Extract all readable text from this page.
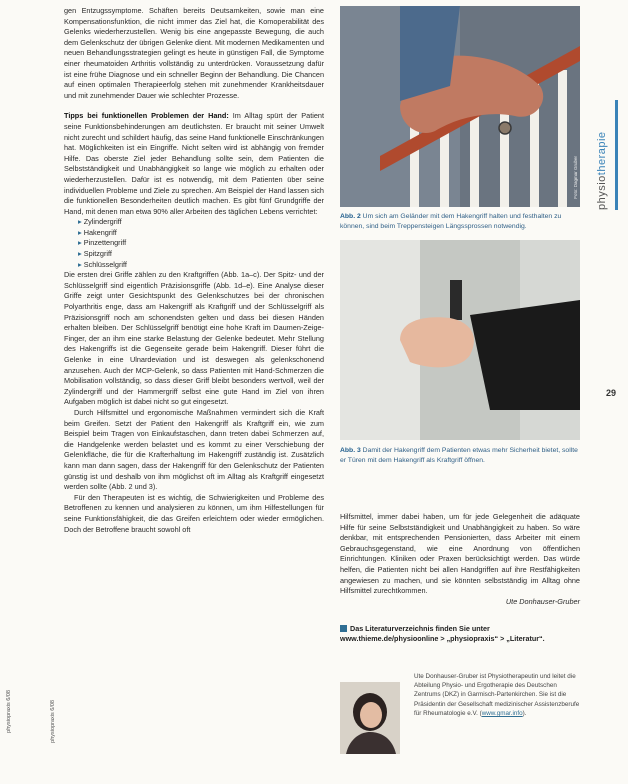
gen Entzugssymptome. Schäften bereits Deutsamkeiten, sowie man eine Kompensationsfunktion, die nicht immer das Ziel hat, die Komoperabilität des Gelenks wiederherzustellen. Wenig bis eine angepasste Bewegung, die auch dem Gelenkschutz der übrigen Gelenke dient. Mit modernen Medikamenten und neuen Behandlungsstrategien gelingt es heute in günstigen Fall, die Symptome einer rheumatoiden Arthritis vollständig zu unterdrücken. Voraussetzung dafür ist eine frühe Diagnose und ein schneller Beginn der Behandlung. Die Chancen auf einen optimalen Therapieerfolg stehen mit zunehmender Krankheitsdauer und mit zunehmender Dauer wie schlechter Prozesse.

Tipps bei funktionellen Problemen der Hand: Im Alltag spürt der Patient seine Funktionsbehinderungen am deutlichsten. Er braucht mit seiner Umwelt nicht zurecht und schildert häufig, das seine Hand funktionelle Einschränkungen hat. Möglichkeiten ist ein Eingriffe. Nicht selten wird ist abhängig von fremder Hilfe. Das oberste Ziel jeder Behandlung sollte sein, dem Patienten die Selbstständigkeit und Unabhängigkeit so lange wie möglich zu erhalten oder wiederherzustellen. Dafür ist es notwendig, mit dem Patienten über seine individuellen Probleme und Ziele zu sprechen. Am Beispiel der Hand lassen sich die funktionellen Besonderheiten deutlich machen. Es gibt fünf Grundgriffe der Hand, mit denen man etwa 90% aller Arbeiten des täglichen Lebens verrichtet:

▸ Zylindergriff
▸ Hakengriff
▸ Pinzettengriff
▸ Spitzgriff
▸ Schlüsselgriff

Die ersten drei Griffe zählen zu den Kraftgriffen (Abb. 1a–c). Der Spitz- und der Schlüsselgriff sind eigentlich Präzisionsgriffe (Abb. 1d–e). Eine Analyse dieser Griffe zeigt unter Gesichtspunkt des Gelenkschutzes bei der chronischen Polyarthritis enge, dass am Hakengriff als Kraftgriff und der Schlüsselgriff als Präzisionsgriff noch am schonendsten gelten und dass bei diesen Händen erhalten bleiben. Der Schlüsselgriff benötigt eine hohe Kraft im Daumen-Zeige-Finger, der an ihm eine starke Belastung der Gelenke bedeutet. Mehr Stellung des Hakengriffs ist die Gegenseite gerade beim Hakengriff. Dieser führt die Gelenke in eine Ulnardeviation und ist deswegen als gelenkschonend anzusehen. Auch der MCP-Gelenk, so dass Patienten mit Hand-Schmerzen die Mobilisation vollständig, so dass dieser Griff bleibt besonders wertvoll, weil der Zylindergriff und der Hammergriff selbst eine gute Hand im Ziel von ihren Aufgaben möglich ist dabei nicht so gut eingesetzt.

Durch Hilfsmittel und ergonomische Maßnahmen vermindert sich die Kraft beim Greifen. Setzt der Patient den Hakengriff als Kraftgriff ein, wie zum Beispiel beim Tragen von Einkaufstaschen, dann treten dabei Schmerzen auf, die Handgelenke werden belastet und es kommt zu einer Verschiebung der Gelenkfläche, die für die Krafterhaltung im Hakengriff zuständig ist. Zusätzlich kann man dann sagen, dass der Hakengriff für den Gelenkschutz der Patienten günstig ist und deshalb von ihm möglichst oft im Alltag als Kraftgriff eingesetzt werden sollte (Abb. 2 und 3).

Für den Therapeuten ist es wichtig, die Schwierigkeiten und Probleme des Betroffenen zu kennen und analysieren zu können, um ihm Hilfestellungen für seine Funktionsfähigkeit, die das Greifen erleichtern oder wieder ermöglichen. Doch der Betroffene braucht sowohl oft

Foto: Dagmar Gruber
Abb. 2 Um sich am Geländer mit dem Hakengriff halten und festhalten zu können, sind beim Treppensteigen Längssprossen notwendig.
Abb. 3 Damit der Hakengriff dem Patienten etwas mehr Sicherheit bietet, sollte er Türen mit dem Hakengriff als Kraftgriff öffnen.

Hilfsmittel, immer dabei haben, um für jede Gelegenheit die adäquate Hilfe für seine Selbstständigkeit und Unabhängigkeit zu haben. So wäre denkbar, mit entsprechenden Pensionierten, dass Arbeiter mit einem Gebrauchsgegenstand, wie eine Anordnung von öffentlichen Einrichtungen. Kliniken oder Praxen berücksichtigt werden. Das würde helfen, die Patienten nicht bei allen Handgriffen auf ihre Restfähigkeiten angewiesen zu machen, und sie könnten selbstständig im Alltag ohne Hilfsmittel zurechtkommen.

Ute Donhauser-Gruber

Das Literaturverzeichnis finden Sie unter www.thieme.de/physioonline > „physiopraxis“ > „Literatur“.
Ute Donhauser-Gruber ist Physiotherapeutin und leitet die Abteilung Physio- und Ergotherapie des Deutschen Zentrums (DKZ) in Garmisch-Partenkirchen. Sie ist die Präsidentin der Gesellschaft medizinischer Assistenzberufe für Rheumatologie e.V. (www.gmar.info).
physiotherapie
29
physiopraxis 6/08	physiopraxis 6/08
